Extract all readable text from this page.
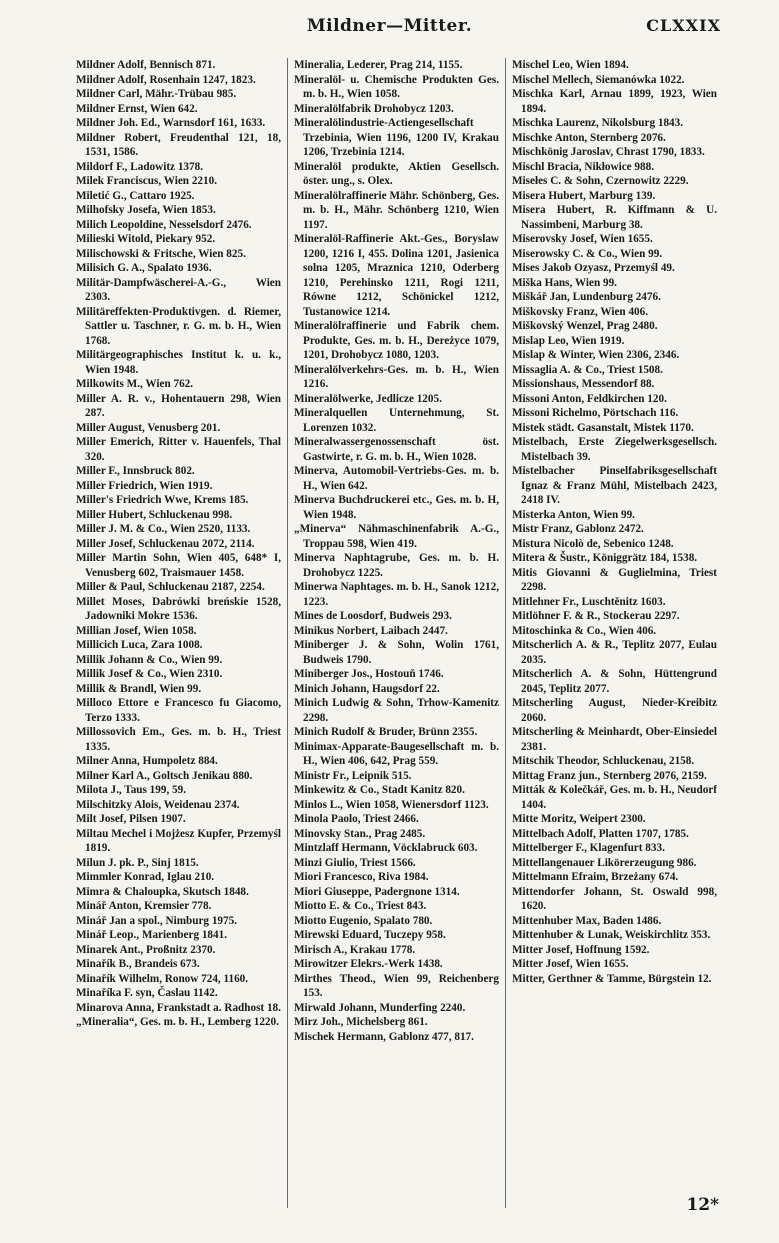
Mildner—Mitter.	CLXXIX

Mildner Adolf, Bennisch 871.

Mildner Adolf, Rosenhain 1247, 1823.

Mildner Carl, Mähr.-Trübau 985.

Mildner Ernst, Wien 642.

Mildner Joh. Ed., Warnsdorf 161, 1633.

Mildner Robert, Freudenthal 121, 18, 1531, 1586.

Mildorf F., Ladowitz 1378.

Milek Franciscus, Wien 2210.

Miletić G., Cattaro 1925.

Milhofsky Josefa, Wien 1853.

Milich Leopoldine, Nesselsdorf 2476.

Milieski Witold, Piekary 952.

Milischowski & Fritsche, Wien 825.

Milisich G. A., Spalato 1936.

Militär-Dampfwäscherei-A.-G., Wien 2303.

Militäreffekten-Produktivgen. d. Riemer, Sattler u. Taschner, r. G. m. b. H., Wien 1768.

Militärgeographisches Institut k. u. k., Wien 1948.

Milkowits M., Wien 762.

Miller A. R. v., Hohentauern 298, Wien 287.

Miller August, Venusberg 201.

Miller Emerich, Ritter v. Hauenfels, Thal 320.

Miller F., Innsbruck 802.

Miller Friedrich, Wien 1919.

Miller's Friedrich Wwe, Krems 185.

Miller Hubert, Schluckenau 998.

Miller J. M. & Co., Wien 2520, 1133.

Miller Josef, Schluckenau 2072, 2114.

Miller Martin Sohn, Wien 405, 648* I, Venusberg 602, Traismauer 1458.

Miller & Paul, Schluckenau 2187, 2254.

Millet Moses, Dabrówki breńskie 1528, Jadowniki Mokre 1536.

Millian Josef, Wien 1058.

Millicich Luca, Zara 1008.

Millik Johann & Co., Wien 99.

Millik Josef & Co., Wien 2310.

Millik & Brandl, Wien 99.

Milloco Ettore e Francesco fu Giacomo, Terzo 1333.

Millossovich Em., Ges. m. b. H., Triest 1335.

Milner Anna, Humpoletz 884.

Milner Karl A., Goltsch Jenikau 880.

Milota J., Taus 199, 59.

Milschitzky Alois, Weidenau 2374.

Milt Josef, Pilsen 1907.

Miltau Mechel i Mojżesz Kupfer, Przemyśl 1819.

Milun J. pk. P., Sinj 1815.

Mimmler Konrad, Iglau 210.

Mimra & Chaloupka, Skutsch 1848.

Minář Anton, Kremsier 778.

Minář Jan a spol., Nimburg 1975.

Minář Leop., Marienberg 1841.

Minarek Ant., Proßnitz 2370.

Minařík B., Brandeis 673.

Minařík Wilhelm, Ronow 724, 1160.

Minaříka F. syn, Časlau 1142.

Minarova Anna, Frankstadt a. Radhost 18.

„Mineralia“, Ges. m. b. H., Lemberg 1220.

Mineralia, Lederer, Prag 214, 1155.

Mineralöl- u. Chemische Produkten Ges. m. b. H., Wien 1058.

Mineralölfabrik Drohobycz 1203.

Mineralölindustrie-Actiengesellschaft Trzebinia, Wien 1196, 1200 IV, Krakau 1206, Trzebinia 1214.

Mineralöl produkte, Aktien Gesellsch. öster. ung., s. Olex.

Mineralölraffinerie Mähr. Schönberg, Ges. m. b. H., Mähr. Schönberg 1210, Wien 1197.

Mineralöl-Raffinerie Akt.-Ges., Boryslaw 1200, 1216 I, 455. Dolina 1201, Jasienica solna 1205, Mraznica 1210, Oderberg 1210, Perehinsko 1211, Rogi 1211, Równe 1212, Schönickel 1212, Tustanowice 1214.

Mineralölraffinerie und Fabrik chem. Produkte, Ges. m. b. H., Dereżyce 1079, 1201, Drohobycz 1080, 1203.

Mineralölverkehrs-Ges. m. b. H., Wien 1216.

Mineralölwerke, Jedlicze 1205.

Mineralquellen Unternehmung, St. Lorenzen 1032.

Mineralwassergenossenschaft öst. Gastwirte, r. G. m. b. H., Wien 1028.

Minerva, Automobil-Vertriebs-Ges. m. b. H., Wien 642.

Minerva Buchdruckerei etc., Ges. m. b. H, Wien 1948.

„Minerva“ Nähmaschinenfabrik A.-G., Troppau 598, Wien 419.

Minerva Naphtagrube, Ges. m. b. H. Drohobycz 1225.

Minerwa Naphtages. m. b. H., Sanok 1212, 1223.

Mines de Loosdorf, Budweis 293.

Minikus Norbert, Laibach 2447.

Miniberger J. & Sohn, Wolin 1761, Budweis 1790.

Miniberger Jos., Hostouň 1746.

Minich Johann, Haugsdorf 22.

Minich Ludwig & Sohn, Trhow-Kamenitz 2298.

Minich Rudolf & Bruder, Brünn 2355.

Minimax-Apparate-Baugesellschaft m. b. H., Wien 406, 642, Prag 559.

Ministr Fr., Leipnik 515.

Minkewitz & Co., Stadt Kanitz 820.

Minlos L., Wien 1058, Wienersdorf 1123.

Minola Paolo, Triest 2466.

Minovsky Stan., Prag 2485.

Mintzlaff Hermann, Vöcklabruck 603.

Minzi Giulio, Triest 1566.

Miori Francesco, Riva 1984.

Miori Giuseppe, Padergnone 1314.

Miotto E. & Co., Triest 843.

Miotto Eugenio, Spalato 780.

Mirewski Eduard, Tuczepy 958.

Mirisch A., Krakau 1778.

Mirowitzer Elekrs.-Werk 1438.

Mirthes Theod., Wien 99, Reichenberg 153.

Mirwald Johann, Munderfing 2240.

Mirz Joh., Michelsberg 861.

Mischek Hermann, Gablonz 477, 817.

Mischel Leo, Wien 1894.

Mischel Mellech, Siemanówka 1022.

Mischka Karl, Arnau 1899, 1923, Wien 1894.

Mischka Laurenz, Nikolsburg 1843.

Mischke Anton, Sternberg 2076.

Mischkönig Jaroslav, Chrast 1790, 1833.

Mischl Bracia, Nikłowice 988.

Misełes C. & Sohn, Czernowitz 2229.

Misera Hubert, Marburg 139.

Misera Hubert, R. Kiffmann & U. Nassimbeni, Marburg 38.

Miserovsky Josef, Wien 1655.

Miserowsky C. & Co., Wien 99.

Mises Jakob Ozyasz, Przemyśl 49.

Miška Hans, Wien 99.

Miškář Jan, Lundenburg 2476.

Miškovsky Franz, Wien 406.

Miškovský Wenzel, Prag 2480.

Mislap Leo, Wien 1919.

Mislap & Winter, Wien 2306, 2346.

Missaglia A. & Co., Triest 1508.

Missionshaus, Messendorf 88.

Missoni Anton, Feldkirchen 120.

Missoni Richelmo, Pörtschach 116.

Mistek städt. Gasanstalt, Mistek 1170.

Mistelbach, Erste Ziegelwerksgesellsch. Mistelbach 39.

Mistelbacher Pinselfabriksgesellschaft Ignaz & Franz Mühl, Mistelbach 2423, 2418 IV.

Misterka Anton, Wien 99.

Mistr Franz, Gablonz 2472.

Mistura Nicolò de, Sebenico 1248.

Mitera & Šustr., Königgrätz 184, 1538.

Mitis Giovanni & Guglielmina, Triest 2298.

Mitlehner Fr., Luschtěnitz 1603.

Mitlöhner F. & R., Stockerau 2297.

Mitoschinka & Co., Wien 406.

Mitscherlich A. & R., Teplitz 2077, Eulau 2035.

Mitscherlich A. & Sohn, Hüttengrund 2045, Teplitz 2077.

Mitscherling August, Nieder-Kreibitz 2060.

Mitscherling & Meinhardt, Ober-Einsiedel 2381.

Mitschik Theodor, Schluckenau, 2158.

Mittag Franz jun., Sternberg 2076, 2159.

Mitták & Kolečkář, Ges. m. b. H., Neudorf 1404.

Mitte Moritz, Weipert 2300.

Mittelbach Adolf, Platten 1707, 1785.

Mittelberger F., Klagenfurt 833.

Mittellangenauer Likörerzeugung 986.

Mittelmann Efraim, Brzeżany 674.

Mittendorfer Johann, St. Oswald 998, 1620.

Mittenhuber Max, Baden 1486.

Mittenhuber & Lunak, Weiskirchlitz 353.

Mitter Josef, Hoffnung 1592.

Mitter Josef, Wien 1655.

Mitter, Gerthner & Tamme, Bürgstein 12.

12*
